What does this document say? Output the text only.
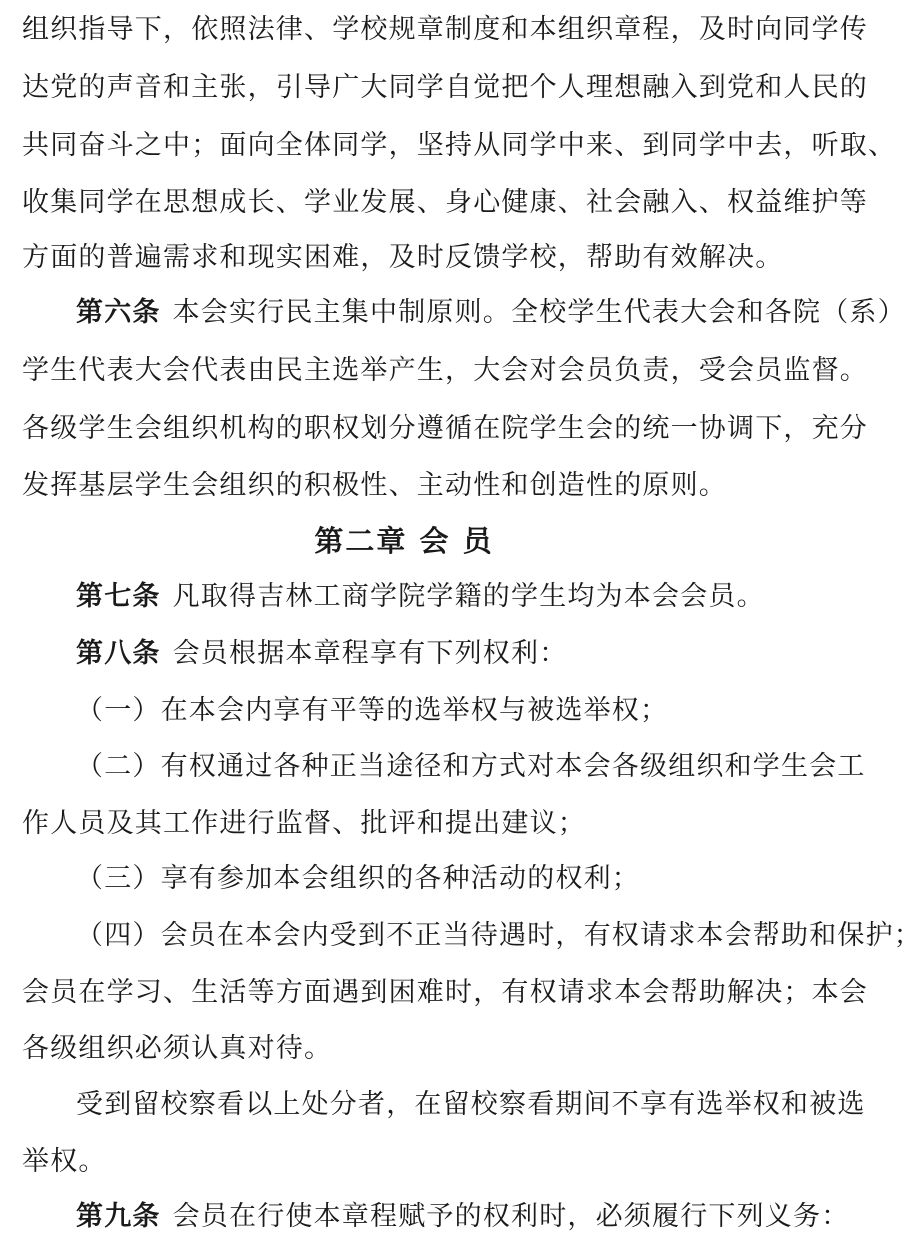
组织指导下，依照法律、学校规章制度和本组织章程，及时向同学传
达党的声音和主张，引导广大同学自觉把个人理想融入到党和人民的
共同奋斗之中；面向全体同学，坚持从同学中来、到同学中去，听取、
收集同学在思想成长、学业发展、身心健康、社会融入、权益维护等
方面的普遍需求和现实困难，及时反馈学校，帮助有效解决。
第六条 本会实行民主集中制原则。全校学生代表大会和各院（系）
学生代表大会代表由民主选举产生，大会对会员负责，受会员监督。
各级学生会组织机构的职权划分遵循在院学生会的统一协调下，充分
发挥基层学生会组织的积极性、主动性和创造性的原则。
第二章 会 员
第七条 凡取得吉林工商学院学籍的学生均为本会会员。
第八条 会员根据本章程享有下列权利：
（一）在本会内享有平等的选举权与被选举权；
（二）有权通过各种正当途径和方式对本会各级组织和学生会工
作人员及其工作进行监督、批评和提出建议；
（三）享有参加本会组织的各种活动的权利；
（四）会员在本会内受到不正当待遇时，有权请求本会帮助和保护；
会员在学习、生活等方面遇到困难时，有权请求本会帮助解决；本会
各级组织必须认真对待。
受到留校察看以上处分者，在留校察看期间不享有选举权和被选
举权。
第九条 会员在行使本章程赋予的权利时，必须履行下列义务：
